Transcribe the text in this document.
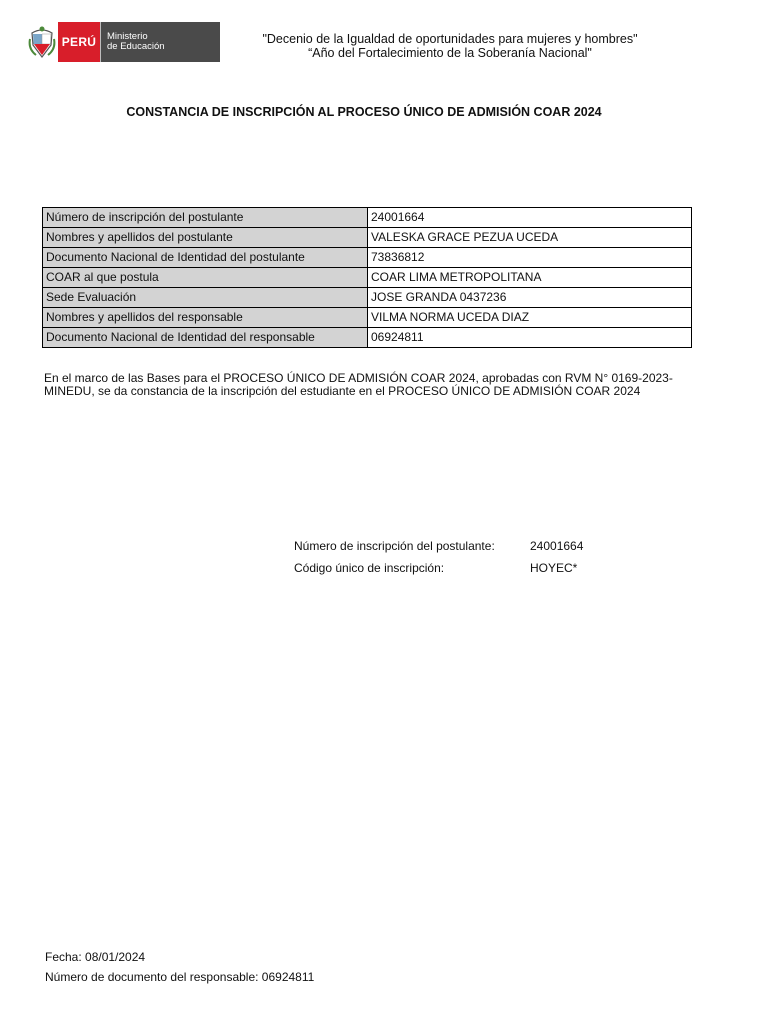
PERÚ	Ministerio
de Educación
"Decenio de la Igualdad de oportunidades para mujeres y hombres"
“Año del Fortalecimiento de la Soberanía Nacional"
CONSTANCIA DE INSCRIPCIÓN AL PROCESO ÚNICO DE ADMISIÓN COAR 2024
Número de inscripción del postulante	24001664
Nombres y apellidos del postulante	VALESKA GRACE PEZUA UCEDA
Documento Nacional de Identidad del postulante	73836812
COAR al que postula	COAR LIMA METROPOLITANA
Sede Evaluación	JOSE GRANDA 0437236
Nombres y apellidos del responsable	VILMA NORMA UCEDA DIAZ
Documento Nacional de Identidad del responsable	06924811
En el marco de las Bases para el PROCESO ÚNICO DE ADMISIÓN COAR 2024, aprobadas con RVM N° 0169-2023-MINEDU, se da constancia de la inscripción del estudiante en el PROCESO ÚNICO DE ADMISIÓN COAR 2024
Número de inscripción del postulante:	24001664
Código único de inscripción:	HOYEC*
Fecha: 08/01/2024
Número de documento del responsable: 06924811
